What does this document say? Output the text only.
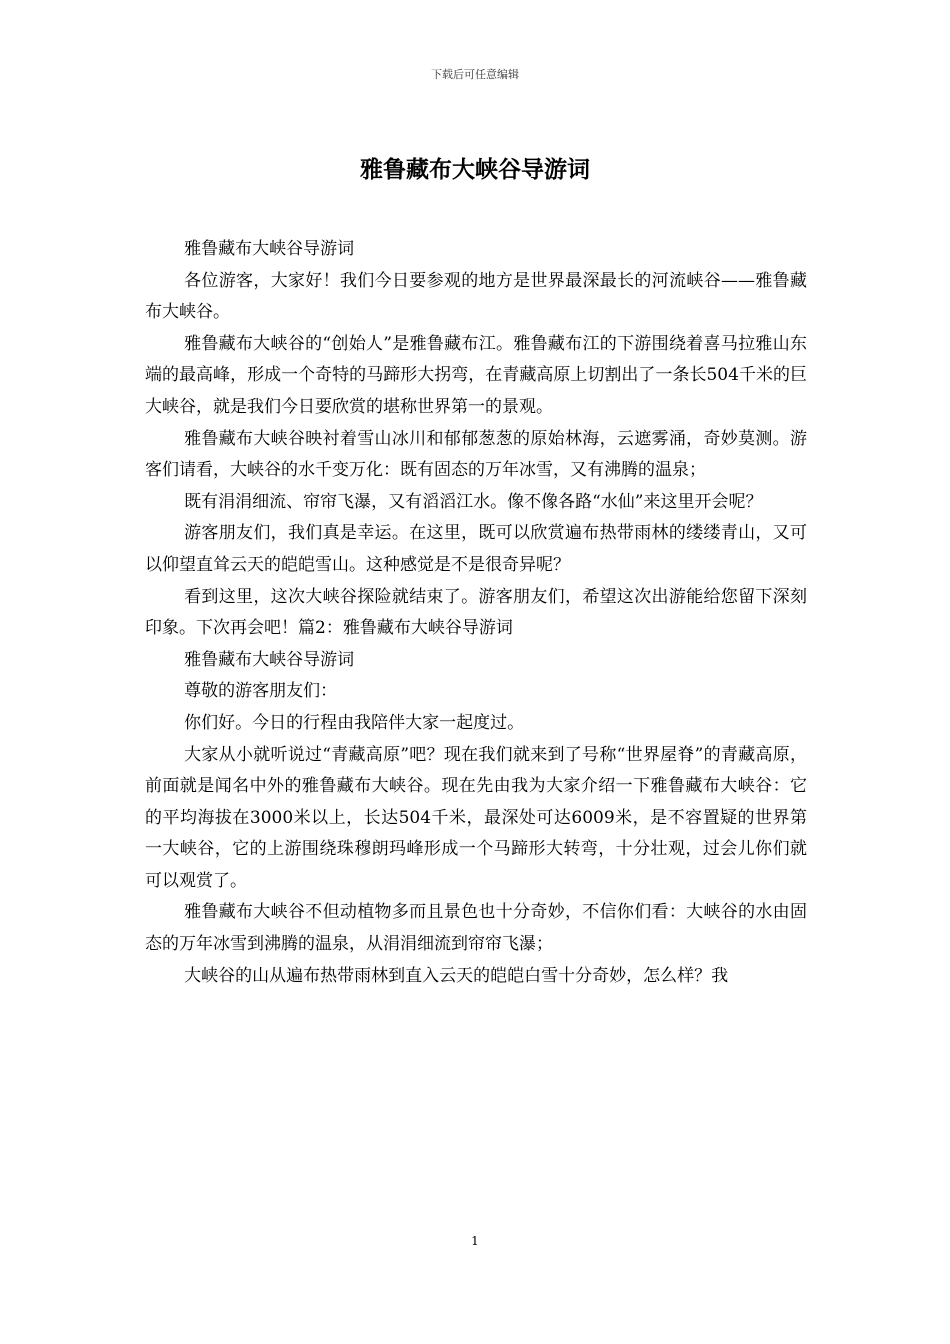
下载后可任意编辑
雅鲁藏布大峡谷导游词

雅鲁藏布大峡谷导游词

各位游客，大家好！我们今日要参观的地方是世界最深最长的河流峡谷——雅鲁藏布大峡谷。

雅鲁藏布大峡谷的“创始人”是雅鲁藏布江。雅鲁藏布江的下游围绕着喜马拉雅山东端的最高峰，形成一个奇特的马蹄形大拐弯，在青藏高原上切割出了一条长504千米的巨大峡谷，就是我们今日要欣赏的堪称世界第一的景观。

雅鲁藏布大峡谷映衬着雪山冰川和郁郁葱葱的原始林海，云遮雾涌，奇妙莫测。游客们请看，大峡谷的水千变万化：既有固态的万年冰雪，又有沸腾的温泉；

既有涓涓细流、帘帘飞瀑，又有滔滔江水。像不像各路“水仙”来这里开会呢？

游客朋友们，我们真是幸运。在这里，既可以欣赏遍布热带雨林的缕缕青山，又可以仰望直耸云天的皑皑雪山。这种感觉是不是很奇异呢？

看到这里，这次大峡谷探险就结束了。游客朋友们，希望这次出游能给您留下深刻印象。下次再会吧！篇2：雅鲁藏布大峡谷导游词

雅鲁藏布大峡谷导游词

尊敬的游客朋友们：

你们好。今日的行程由我陪伴大家一起度过。

大家从小就听说过“青藏高原”吧？现在我们就来到了号称“世界屋脊”的青藏高原，前面就是闻名中外的雅鲁藏布大峡谷。现在先由我为大家介绍一下雅鲁藏布大峡谷：它的平均海拔在3000米以上，长达504千米，最深处可达6009米，是不容置疑的世界第一大峡谷，它的上游围绕珠穆朗玛峰形成一个马蹄形大转弯，十分壮观，过会儿你们就可以观赏了。

雅鲁藏布大峡谷不但动植物多而且景色也十分奇妙，不信你们看：大峡谷的水由固态的万年冰雪到沸腾的温泉，从涓涓细流到帘帘飞瀑；

大峡谷的山从遍布热带雨林到直入云天的皑皑白雪十分奇妙，怎么样？我

1
